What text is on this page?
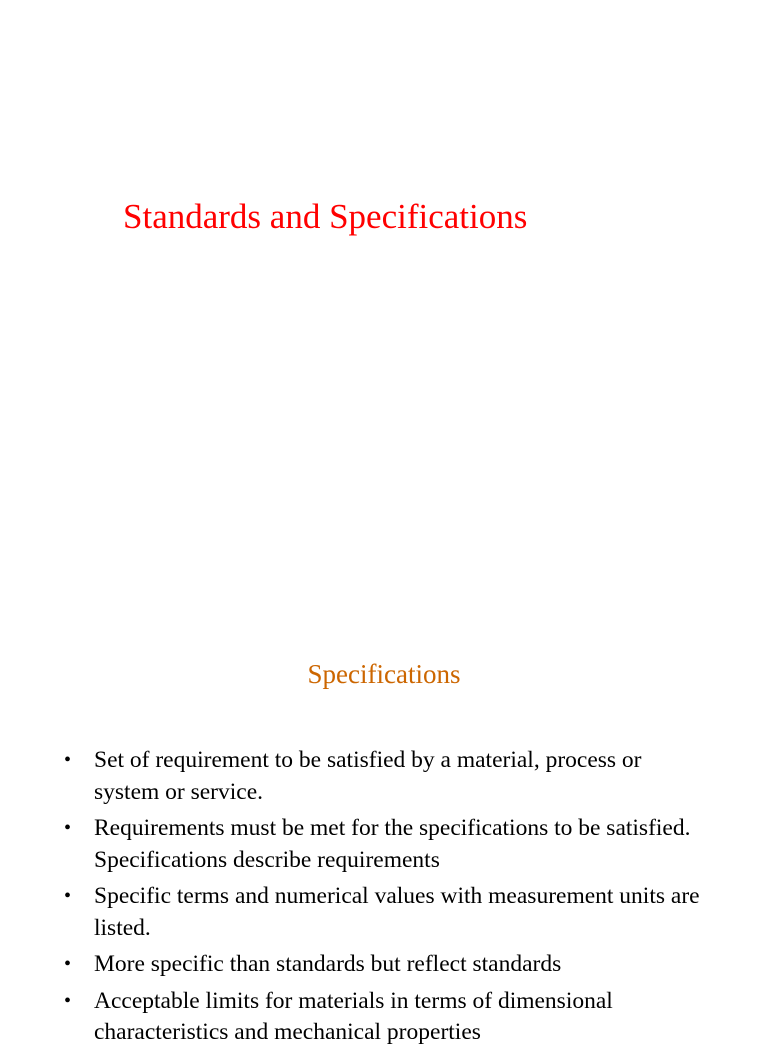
Standards and Specifications
Specifications
• Set of requirement to be satisfied by a material, process or system or service.
• Requirements must be met for the specifications to be satisfied. Specifications describe requirements
• Specific terms and numerical values with measurement units are listed.
• More specific than standards but reflect standards
• Acceptable limits for materials in terms of dimensional characteristics and mechanical properties
